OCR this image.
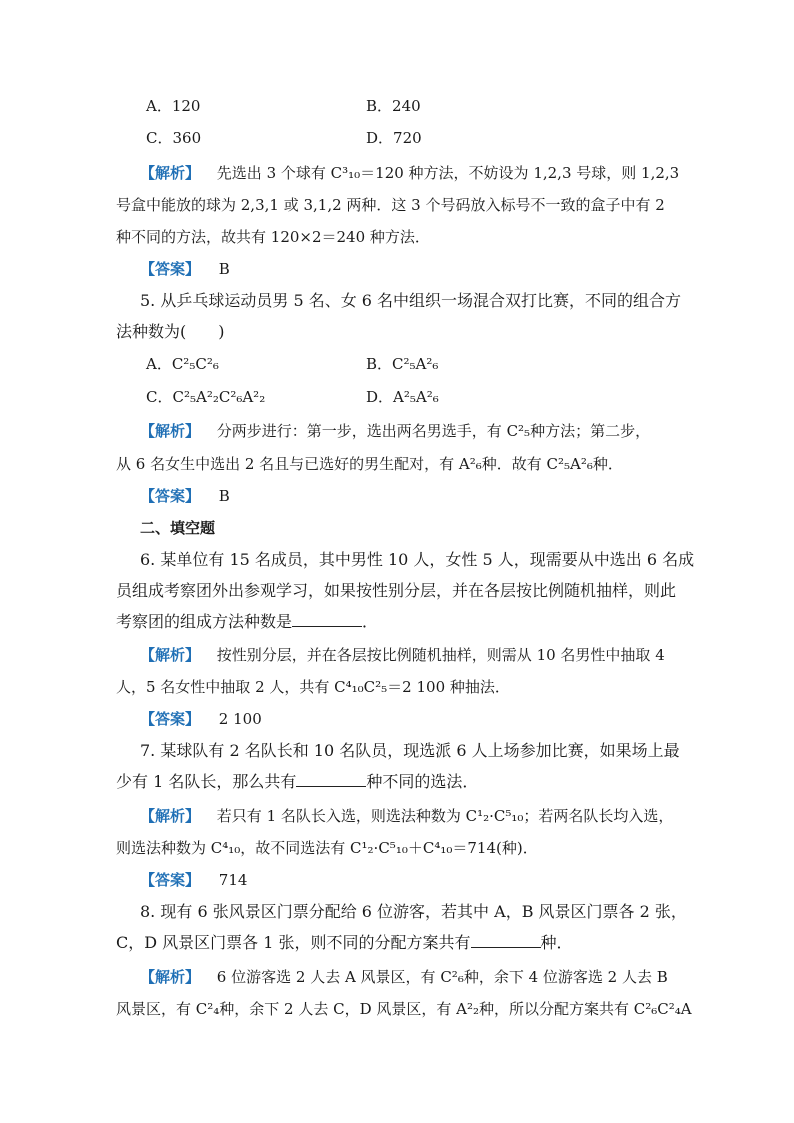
A．120	B．240
C．360	D．720
【解析】 先选出 3 个球有 C³₁₀＝120 种方法，不妨设为 1,2,3 号球，则 1,2,3
号盒中能放的球为 2,3,1 或 3,1,2 两种．这 3 个号码放入标号不一致的盒子中有 2
种不同的方法，故共有 120×2＝240 种方法．
【答案】 B
5. 从乒乓球运动员男 5 名、女 6 名中组织一场混合双打比赛，不同的组合方
法种数为(　　)
A．C²₅C²₆	B．C²₅A²₆
C．C²₅A²₂C²₆A²₂	D．A²₅A²₆
【解析】 分两步进行：第一步，选出两名男选手，有 C²₅种方法；第二步，
从 6 名女生中选出 2 名且与已选好的男生配对，有 A²₆种．故有 C²₅A²₆种．
【答案】 B
二、填空题
6. 某单位有 15 名成员，其中男性 10 人，女性 5 人，现需要从中选出 6 名成
员组成考察团外出参观学习，如果按性别分层，并在各层按比例随机抽样，则此
考察团的组成方法种数是	．
【解析】 按性别分层，并在各层按比例随机抽样，则需从 10 名男性中抽取 4
人，5 名女性中抽取 2 人，共有 C⁴₁₀C²₅＝2 100 种抽法．
【答案】 2 100
7. 某球队有 2 名队长和 10 名队员，现选派 6 人上场参加比赛，如果场上最
少有 1 名队长，那么共有	种不同的选法．
【解析】 若只有 1 名队长入选，则选法种数为 C¹₂·C⁵₁₀；若两名队长均入选，
则选法种数为 C⁴₁₀，故不同选法有 C¹₂·C⁵₁₀＋C⁴₁₀＝714(种)．
【答案】 714
8. 现有 6 张风景区门票分配给 6 位游客，若其中 A，B 风景区门票各 2 张，
C，D 风景区门票各 1 张，则不同的分配方案共有	种．
【解析】 6 位游客选 2 人去 A 风景区，有 C²₆种，余下 4 位游客选 2 人去 B
风景区，有 C²₄种，余下 2 人去 C，D 风景区，有 A²₂种，所以分配方案共有 C²₆C²₄A
